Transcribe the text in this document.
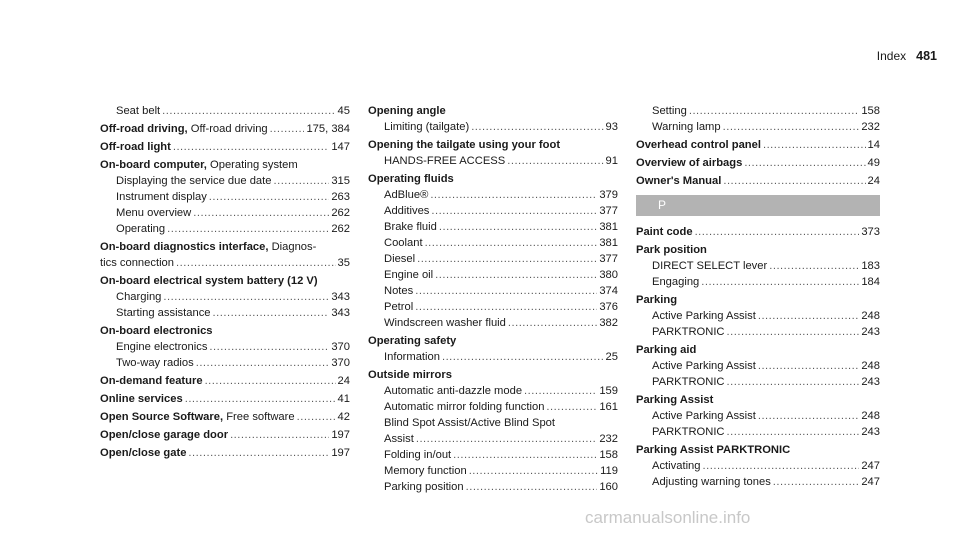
Index 481
Seat belt .....	45
Off-road driving, Off-road driving .....	175, 384
Off-road light .....	147
On-board computer, Operating system
Displaying the service due date .....	315
Instrument display .....	263
Menu overview .....	262
Operating .....	262
On-board diagnostics interface, Diagnos-
tics connection .....	35
On-board electrical system battery (12 V)
Charging .....	343
Starting assistance .....	343
On-board electronics
Engine electronics .....	370
Two-way radios .....	370
On-demand feature .....	24
Online services .....	41
Open Source Software, Free software .....	42
Open/close garage door .....	197
Open/close gate .....	197
Opening angle
Limiting (tailgate) .....	93
Opening the tailgate using your foot
HANDS-FREE ACCESS .....	91
Operating fluids
AdBlue® .....	379
Additives .....	377
Brake fluid .....	381
Coolant .....	381
Diesel .....	377
Engine oil .....	380
Notes .....	374
Petrol .....	376
Windscreen washer fluid .....	382
Operating safety
Information .....	25
Outside mirrors
Automatic anti-dazzle mode .....	159
Automatic mirror folding function .....	161
Blind Spot Assist/Active Blind Spot
Assist .....	232
Folding in/out .....	158
Memory function .....	119
Parking position .....	160
Setting .....	158
Warning lamp .....	232
Overhead control panel .....	14
Overview of airbags .....	49
Owner's Manual .....	24
P
Paint code .....	373
Park position
DIRECT SELECT lever .....	183
Engaging .....	184
Parking
Active Parking Assist .....	248
PARKTRONIC .....	243
Parking aid
Active Parking Assist .....	248
PARKTRONIC .....	243
Parking Assist
Active Parking Assist .....	248
PARKTRONIC .....	243
Parking Assist PARKTRONIC
Activating .....	247
Adjusting warning tones .....	247
carmanualsonline.info
